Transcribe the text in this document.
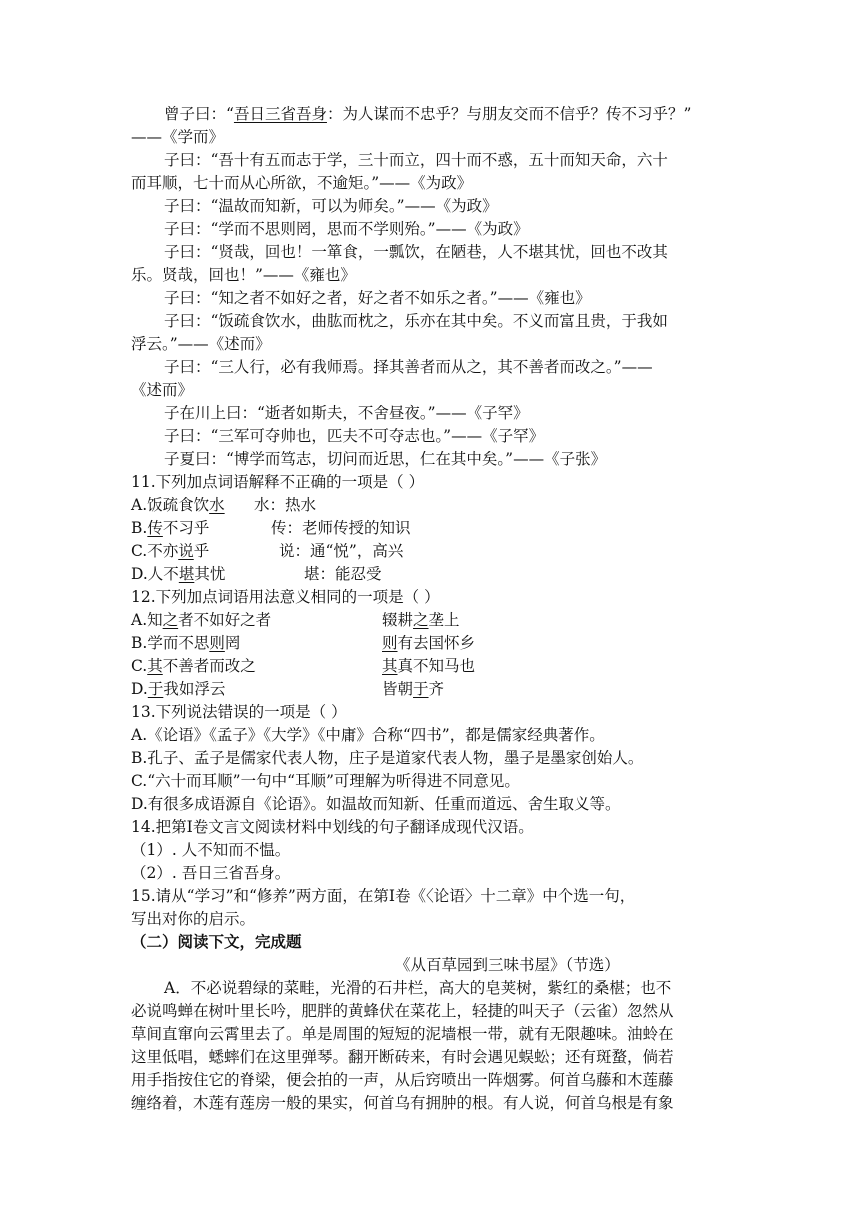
曾子曰：“吾日三省吾身：为人谋而不忠乎？与朋友交而不信乎？传不习乎？”
——《学而》
子曰：“吾十有五而志于学，三十而立，四十而不惑，五十而知天命，六十
而耳顺，七十而从心所欲，不逾矩。”——《为政》
子曰：“温故而知新，可以为师矣。”——《为政》
子曰：“学而不思则罔，思而不学则殆。”——《为政》
子曰：“贤哉，回也！一箪食，一瓢饮，在陋巷，人不堪其忧，回也不改其
乐。贤哉，回也！”——《雍也》
子曰：“知之者不如好之者，好之者不如乐之者。”——《雍也》
子曰：“饭疏食饮水，曲肱而枕之，乐亦在其中矣。不义而富且贵，于我如
浮云。”——《述而》
子曰：“三人行，必有我师焉。择其善者而从之，其不善者而改之。”——
《述而》
子在川上曰：“逝者如斯夫，不舍昼夜。”——《子罕》
子曰：“三军可夺帅也，匹夫不可夺志也。”——《子罕》
子夏曰：“博学而笃志，切问而近思，仁在其中矣。”——《子张》
11.下列加点词语解释不正确的一项是（ ）
A.饭疏食饮水 水：热水
B.传不习乎	传：老师传授的知识
C.不亦说乎	说：通“悦”，高兴
D.人不堪其忧	堪：能忍受
12.下列加点词语用法意义相同的一项是（ ）
A.知之者不如好之者	辍耕之垄上
B.学而不思则罔	则有去国怀乡
C.其不善者而改之	其真不知马也
D.于我如浮云	皆朝于齐
13.下列说法错误的一项是（ ）
A.《论语》《孟子》《大学》《中庸》合称“四书”，都是儒家经典著作。
B.孔子、孟子是儒家代表人物，庄子是道家代表人物，墨子是墨家创始人。
C.“六十而耳顺”一句中“耳顺”可理解为听得进不同意见。
D.有很多成语源自《论语》。如温故而知新、任重而道远、舍生取义等。
14.把第Ⅰ卷文言文阅读材料中划线的句子翻译成现代汉语。
（1）. 人不知而不愠。
（2）. 吾日三省吾身。
15.请从“学习”和“修养”两方面，在第Ⅰ卷《〈论语〉十二章》中个选一句，
写出对你的启示。
（二）阅读下文，完成题
《从百草园到三味书屋》（节选）
A．不必说碧绿的菜畦，光滑的石井栏，高大的皂荚树，紫红的桑椹；也不
必说鸣蝉在树叶里长吟，肥胖的黄蜂伏在菜花上，轻捷的叫天子（云雀）忽然从
草间直窜向云霄里去了。单是周围的短短的泥墙根一带，就有无限趣味。油蛉在
这里低唱，蟋蟀们在这里弹琴。翻开断砖来，有时会遇见蜈蚣；还有斑蝥，倘若
用手指按住它的脊梁，便会拍的一声，从后窍喷出一阵烟雾。何首乌藤和木莲藤
缠络着，木莲有莲房一般的果实，何首乌有拥肿的根。有人说，何首乌根是有象
